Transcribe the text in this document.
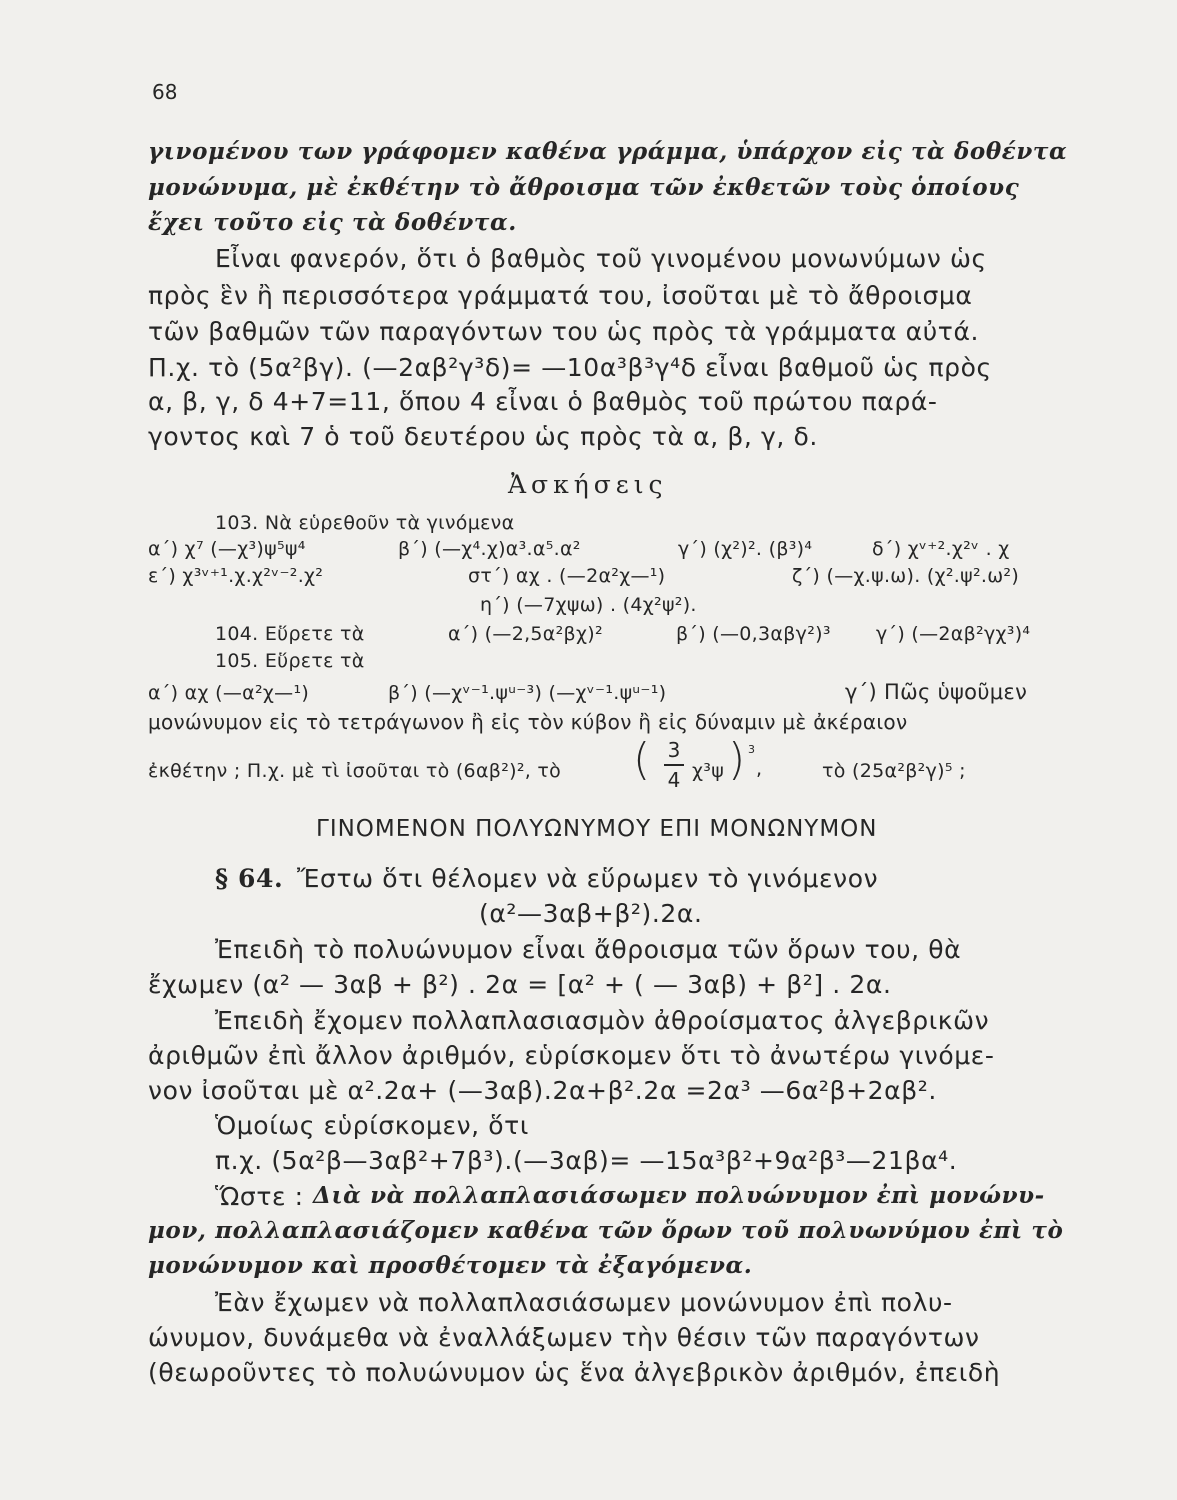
68
γινομένου των γράφομεν καθένα γράμμα, ὑπάρχον εἰς τὰ δοθέντα
μονώνυμα, μὲ ἐκθέτην τὸ ἄθροισμα τῶν ἐκθετῶν τοὺς ὁποίους
ἔχει τοῦτο εἰς τὰ δοθέντα.
Εἶναι φανερόν, ὅτι ὁ βαθμὸς τοῦ γινομένου μονωνύμων ὡς
πρὸς ἓν ἢ περισσότερα γράμματά του, ἰσοῦται μὲ τὸ ἄθροισμα
τῶν βαθμῶν τῶν παραγόντων του ὡς πρὸς τὰ γράμματα αὐτά.
Π.χ. τὸ (5α²βγ). (—2αβ²γ³δ)= —10α³β³γ⁴δ εἶναι βαθμοῦ ὡς πρὸς
α, β, γ, δ 4+7=11, ὅπου 4 εἶναι ὁ βαθμὸς τοῦ πρώτου παρά-
γοντος καὶ 7 ὁ τοῦ δευτέρου ὡς πρὸς τὰ α, β, γ, δ.
Ἀσκήσεις
103. Νὰ εὑρεθοῦν τὰ γινόμενα
α΄) χ⁷ (—χ³)ψ⁵ψ⁴	β΄) (—χ⁴.χ)α³.α⁵.α²	γ΄) (χ²)². (β³)⁴	δ΄) χᵛ⁺².χ²ᵛ . χ
ε΄) χ³ᵛ⁺¹.χ.χ²ᵛ⁻².χ²	στ΄) αχ . (—2α²χ—¹)	ζ΄) (—χ.ψ.ω). (χ².ψ².ω²)
η΄) (—7χψω) . (4χ²ψ²).
104. Εὕρετε τὰ	α΄) (—2,5α²βχ)²	β΄) (—0,3αβγ²)³ γ΄) (—2αβ²γχ³)⁴
105. Εὕρετε τὰ
α΄) αχ (—α²χ—¹)	β΄) (—χᵛ⁻¹.ψᵘ⁻³) (—χᵛ⁻¹.ψᵘ⁻¹)	γ΄) Πῶς ὑψοῦμεν
μονώνυμον εἰς τὸ τετράγωνον ἢ εἰς τὸν κύβον ἢ εἰς δύναμιν μὲ ἀκέραιον
ἐκθέτην ; Π.χ. μὲ τὶ ἰσοῦται τὸ (6αβ²)², τὸ ( 3
4 χ³ψ ) 3
,	τὸ (25α²β²γ)⁵ ;
ΓΙΝΟΜΕΝΟΝ ΠΟΛΥΩΝΥΜΟΥ ΕΠΙ ΜΟΝΩΝΥΜΟΝ
§ 64. Ἔστω ὅτι θέλομεν νὰ εὕρωμεν τὸ γινόμενον
(α²—3αβ+β²).2α.
Ἐπειδὴ τὸ πολυώνυμον εἶναι ἄθροισμα τῶν ὅρων του, θὰ
ἔχωμεν (α² — 3αβ + β²) . 2α = [α² + ( — 3αβ) + β²] . 2α.
Ἐπειδὴ ἔχομεν πολλαπλασιασμὸν ἀθροίσματος ἀλγεβρικῶν
ἀριθμῶν ἐπὶ ἄλλον ἀριθμόν, εὑρίσκομεν ὅτι τὸ ἀνωτέρω γινόμε-
νον ἰσοῦται μὲ α².2α+ (—3αβ).2α+β².2α =2α³ —6α²β+2αβ².
Ὁμοίως εὑρίσκομεν, ὅτι
π.χ. (5α²β—3αβ²+7β³).(—3αβ)= —15α³β²+9α²β³—21βα⁴.
Ὥστε : Διὰ νὰ πολλαπλασιάσωμεν πολυώνυμον ἐπὶ μονώνυ-
μον, πολλαπλασιάζομεν καθένα τῶν ὅρων τοῦ πολυωνύμου ἐπὶ τὸ
μονώνυμον καὶ προσθέτομεν τὰ ἐξαγόμενα.
Ἐὰν ἔχωμεν νὰ πολλαπλασιάσωμεν μονώνυμον ἐπὶ πολυ-
ώνυμον, δυνάμεθα νὰ ἐναλλάξωμεν τὴν θέσιν τῶν παραγόντων
(θεωροῦντες τὸ πολυώνυμον ὡς ἕνα ἀλγεβρικὸν ἀριθμόν, ἐπειδὴ
